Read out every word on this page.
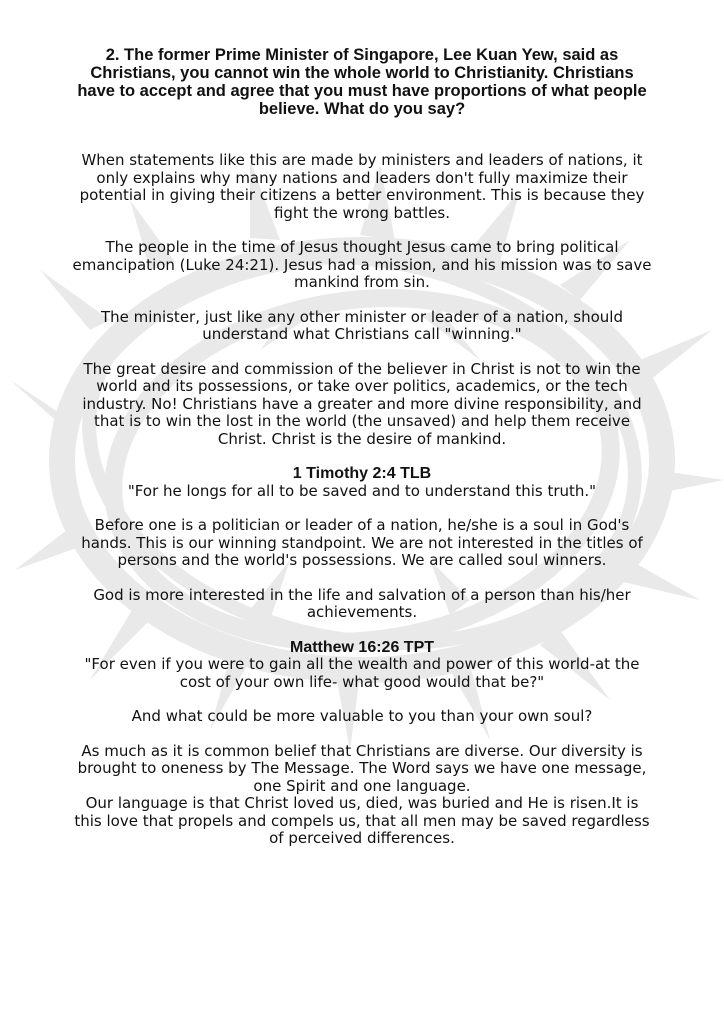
2. The former Prime Minister of Singapore, Lee Kuan Yew, said as Christians, you cannot win the whole world to Christianity. Christians have to accept and agree that you must have proportions of what people believe. What do you say?

When statements like this are made by ministers and leaders of nations, it only explains why many nations and leaders don't fully maximize their potential in giving their citizens a better environment. This is because they fight the wrong battles.

The people in the time of Jesus thought Jesus came to bring political emancipation (Luke 24:21). Jesus had a mission, and his mission was to save mankind from sin.

The minister, just like any other minister or leader of a nation, should understand what Christians call "winning."

The great desire and commission of the believer in Christ is not to win the world and its possessions, or take over politics, academics, or the tech industry. No! Christians have a greater and more divine responsibility, and that is to win the lost in the world (the unsaved) and help them receive Christ. Christ is the desire of mankind.

1 Timothy 2:4 TLB

"For he longs for all to be saved and to understand this truth."

Before one is a politician or leader of a nation, he/she is a soul in God's hands. This is our winning standpoint. We are not interested in the titles of persons and the world's possessions. We are called soul winners.

God is more interested in the life and salvation of a person than his/her achievements.

Matthew 16:26 TPT

"For even if you were to gain all the wealth and power of this world-at the cost of your own life- what good would that be?"

And what could be more valuable to you than your own soul?

As much as it is common belief that Christians are diverse. Our diversity is brought to oneness by The Message. The Word says we have one message, one Spirit and one language.

Our language is that Christ loved us, died, was buried and He is risen.It is this love that propels and compels us, that all men may be saved regardless of perceived differences.
